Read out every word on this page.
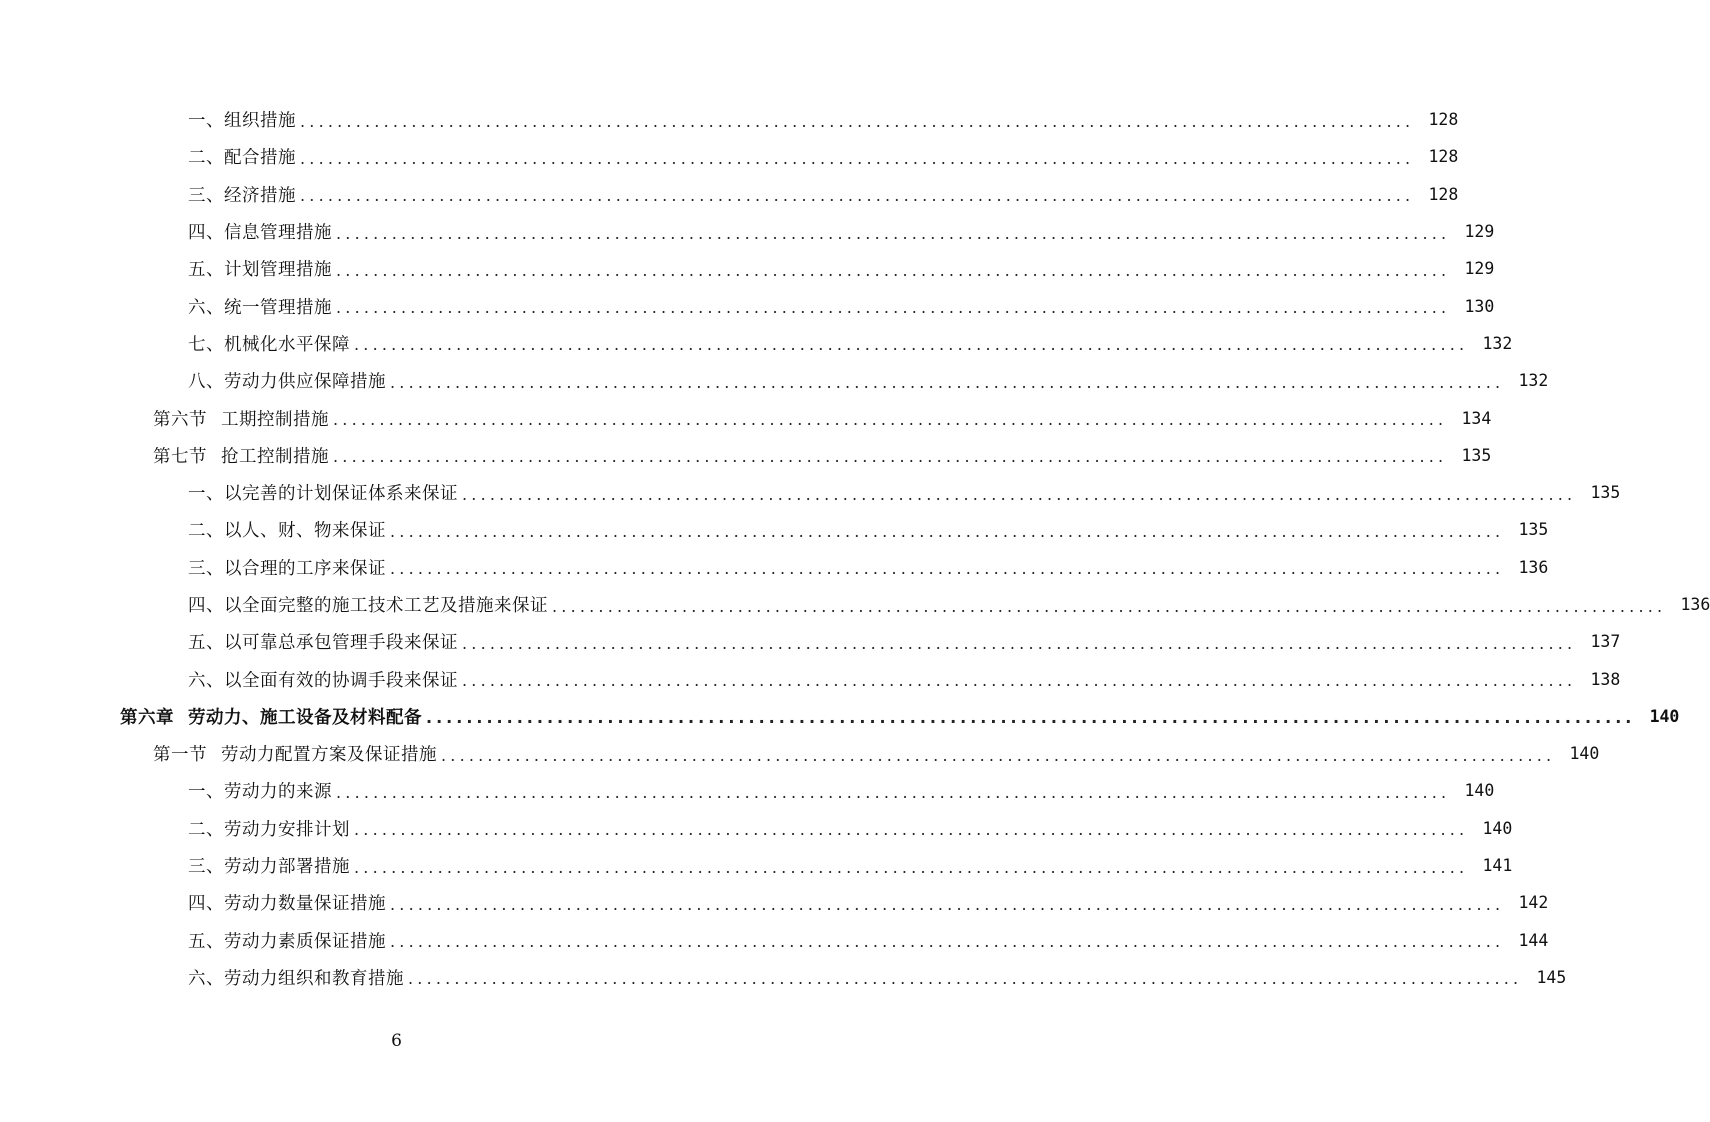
一、组织措施 ........................................................................................................................ 128
二、配合措施 ........................................................................................................................ 128
三、经济措施 ........................................................................................................................ 128
四、信息管理措施 ........................................................................................................................ 129
五、计划管理措施 ........................................................................................................................ 129
六、统一管理措施 ........................................................................................................................ 130
七、机械化水平保障 ........................................................................................................................ 132
八、劳动力供应保障措施 ........................................................................................................................ 132
第六节 工期控制措施 ........................................................................................................................ 134
第七节 抢工控制措施 ........................................................................................................................ 135
一、以完善的计划保证体系来保证 ........................................................................................................................ 135
二、以人、财、物来保证 ........................................................................................................................ 135
三、以合理的工序来保证 ........................................................................................................................ 136
四、以全面完整的施工技术工艺及措施来保证 ........................................................................................................................ 136
五、以可靠总承包管理手段来保证 ........................................................................................................................ 137
六、以全面有效的协调手段来保证 ........................................................................................................................ 138
第六章 劳动力、施工设备及材料配备 ........................................................................................................................ 140
第一节 劳动力配置方案及保证措施 ........................................................................................................................ 140
一、劳动力的来源 ........................................................................................................................ 140
二、劳动力安排计划 ........................................................................................................................ 140
三、劳动力部署措施 ........................................................................................................................ 141
四、劳动力数量保证措施 ........................................................................................................................ 142
五、劳动力素质保证措施 ........................................................................................................................ 144
六、劳动力组织和教育措施 ........................................................................................................................ 145
6
